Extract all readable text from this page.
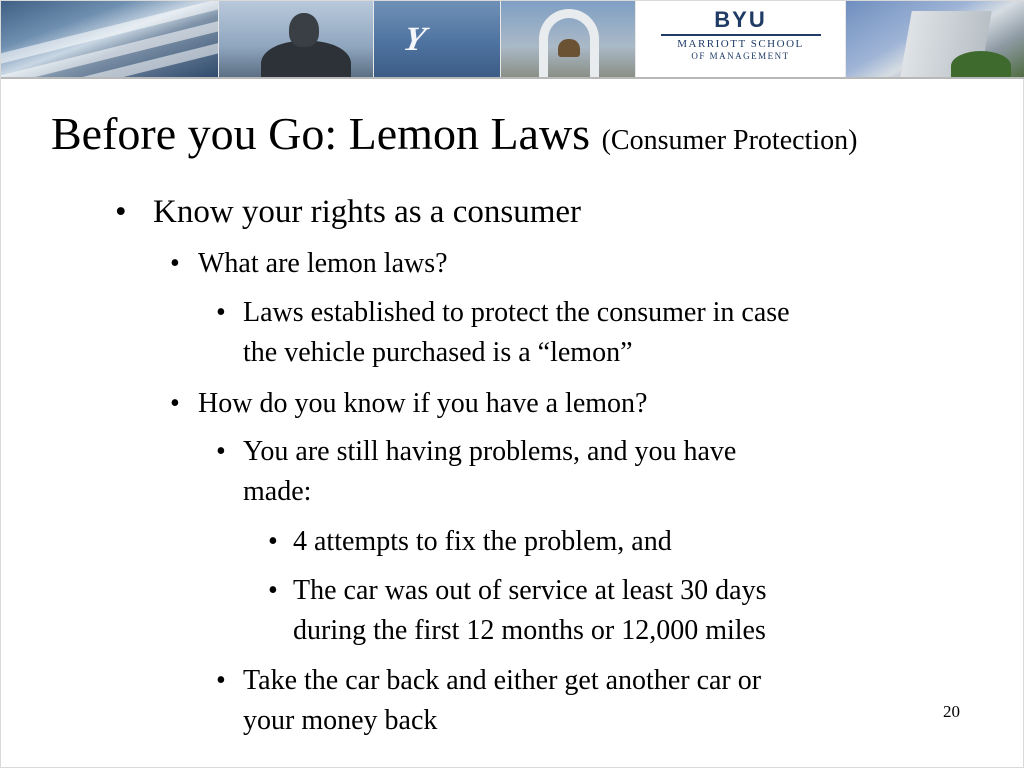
Y
BYU
MARRIOTT SCHOOL
OF MANAGEMENT
Before you Go: Lemon Laws (Consumer Protection)
• Know your rights as a consumer
• What are lemon laws?
• Laws established to protect the consumer in case
the vehicle purchased is a “lemon”
• How do you know if you have a lemon?
• You are still having problems, and you have
made:
• 4 attempts to fix the problem, and
• The car was out of service at least 30 days
during the first 12 months or 12,000 miles
• Take the car back and either get another car or
your money back	20
